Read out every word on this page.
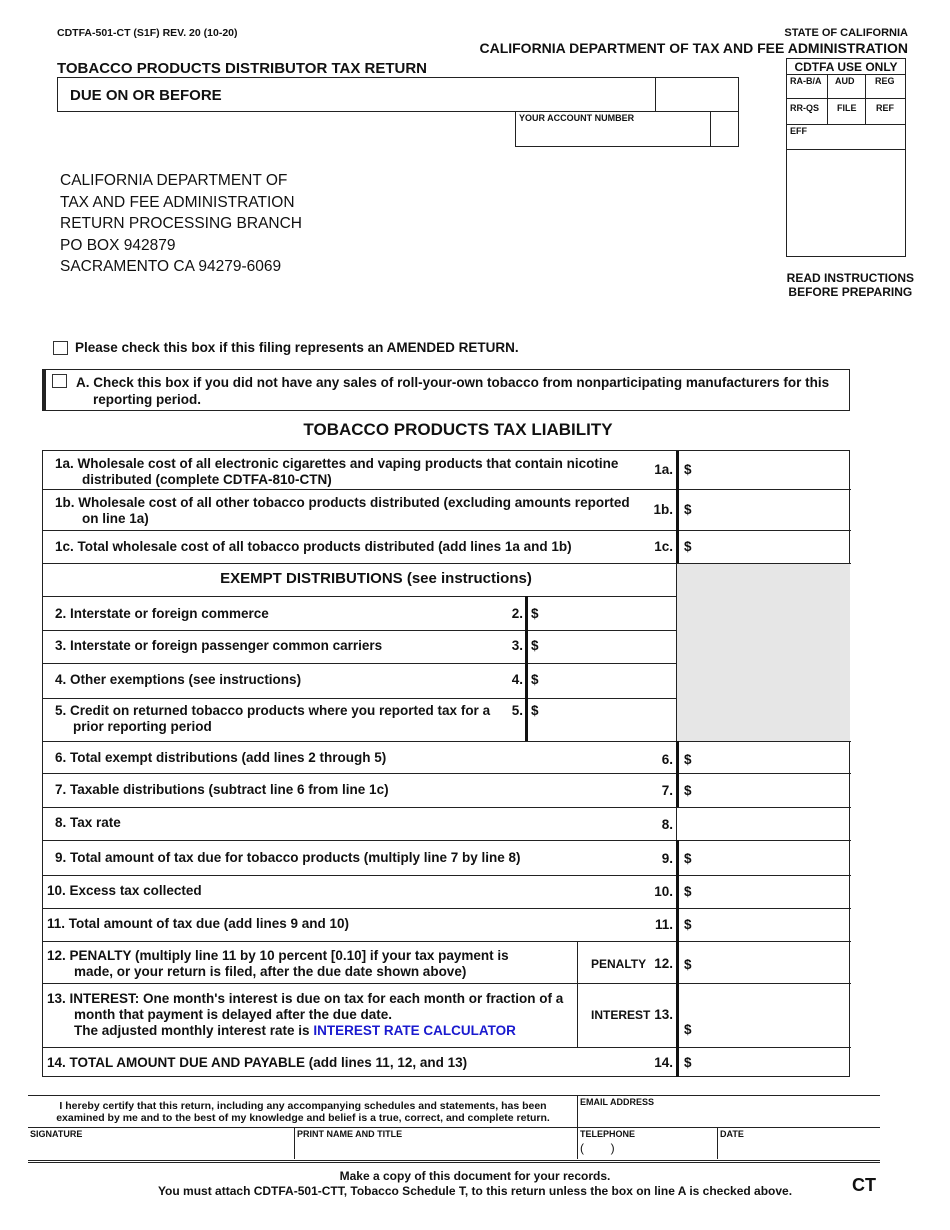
CDTFA-501-CT (S1F) REV. 20 (10-20)	STATE OF CALIFORNIA
CALIFORNIA DEPARTMENT OF TAX AND FEE ADMINISTRATION
TOBACCO PRODUCTS DISTRIBUTOR TAX RETURN
DUE ON OR BEFORE
YOUR ACCOUNT NUMBER
CDTFA USE ONLY
RA-B/A	AUD	REG
RR-QS	FILE	REF
EFF
CALIFORNIA DEPARTMENT OF
TAX AND FEE ADMINISTRATION
RETURN PROCESSING BRANCH
PO BOX 942879
SACRAMENTO CA 94279-6069
READ INSTRUCTIONS
BEFORE PREPARING
Please check this box if this filing represents an AMENDED RETURN.
A. Check this box if you did not have any sales of roll-your-own tobacco from nonparticipating manufacturers for this
reporting period.
TOBACCO PRODUCTS TAX LIABILITY
1a. Wholesale cost of all electronic cigarettes and vaping products that contain nicotine
distributed (complete CDTFA-810-CTN)
1a. $
1b. Wholesale cost of all other tobacco products distributed (excluding amounts reported
on line 1a)
1b. $
1c. Total wholesale cost of all tobacco products distributed (add lines 1a and 1b)	1c. $
EXEMPT DISTRIBUTIONS (see instructions)
2. Interstate or foreign commerce	2. $
3. Interstate or foreign passenger common carriers	3. $
4. Other exemptions (see instructions)	4. $
5. Credit on returned tobacco products where you reported tax for a
prior reporting period
5. $
6. Total exempt distributions (add lines 2 through 5)	6. $
7. Taxable distributions (subtract line 6 from line 1c)	7. $
8. Tax rate	8.
9. Total amount of tax due for tobacco products (multiply line 7 by line 8)	9. $
10. Excess tax collected	10. $
11. Total amount of tax due (add lines 9 and 10)	11. $
12. PENALTY (multiply line 11 by 10 percent [0.10] if your tax payment is
made, or your return is filed, after the due date shown above)	PENALTY 12. $
13. INTEREST: One month's interest is due on tax for each month or fraction of a
month that payment is delayed after the due date.
The adjusted monthly interest rate is INTEREST RATE CALCULATOR
INTEREST 13.
$
14. TOTAL AMOUNT DUE AND PAYABLE (add lines 11, 12, and 13)	14. $
I hereby certify that this return, including any accompanying schedules and statements, has been
examined by me and to the best of my knowledge and belief is a true, correct, and complete return.
EMAIL ADDRESS
SIGNATURE	PRINT NAME AND TITLE	TELEPHONE
(        )
DATE
Make a copy of this document for your records.
You must attach CDTFA-501-CTT, Tobacco Schedule T, to this return unless the box on line A is checked above.	CT
